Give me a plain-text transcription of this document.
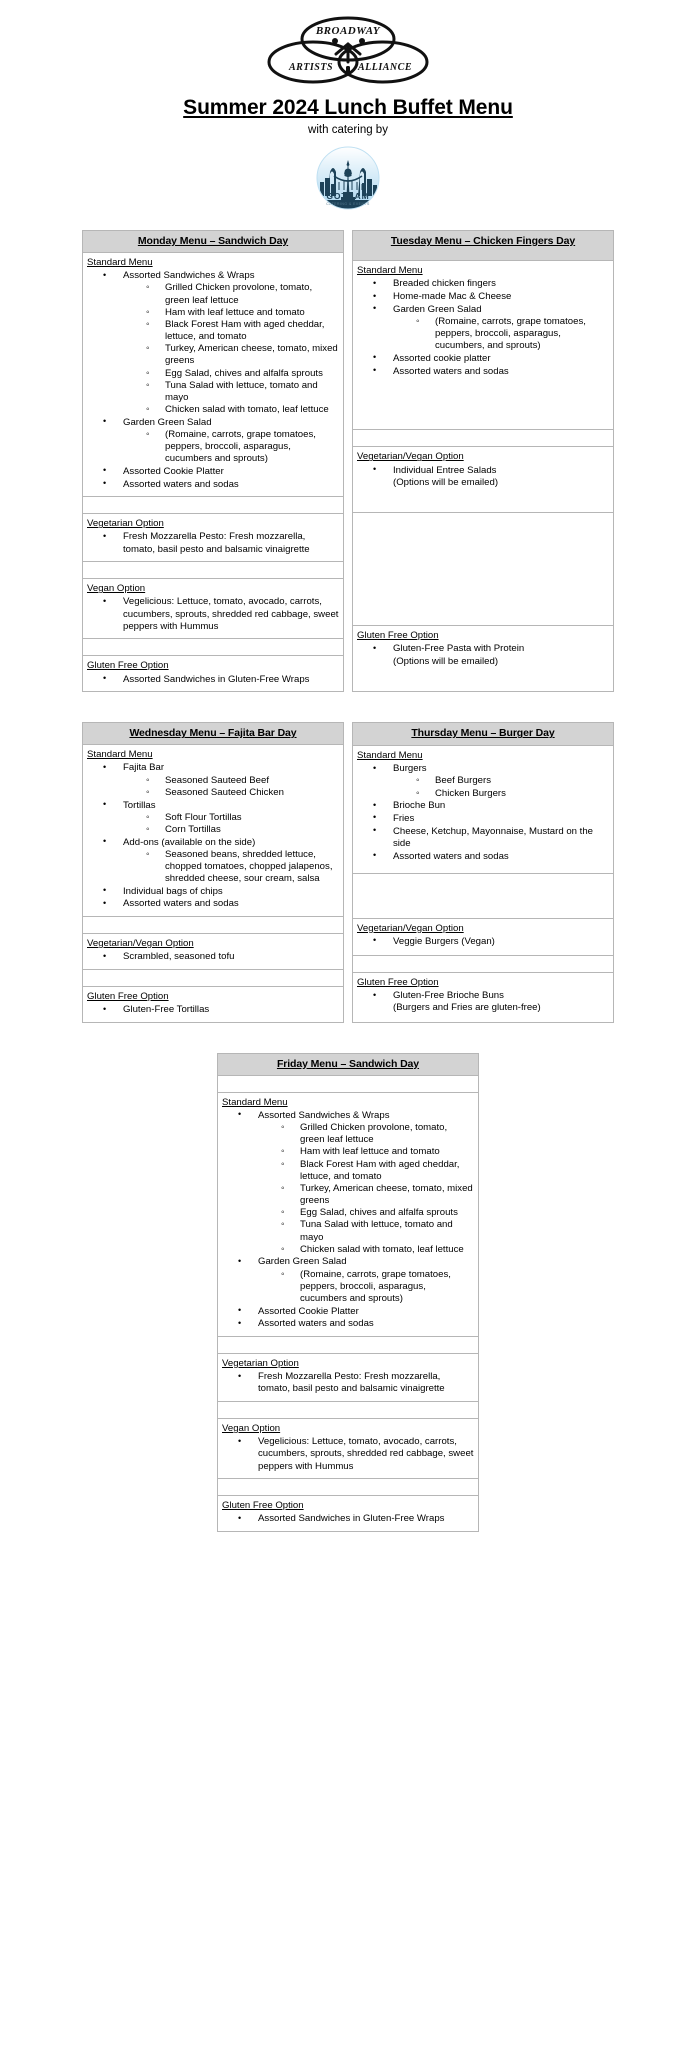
BROADWAY
ARTISTS ALLIANCE
Summer 2024 Lunch Buffet Menu
with catering by
GOTHAM
CATERING & EVENTS
Monday Menu – Sandwich Day

Standard Menu
• Assorted Sandwiches & Wraps
◦ Grilled Chicken provolone, tomato, green leaf lettuce
◦ Ham with leaf lettuce and tomato
◦ Black Forest Ham with aged cheddar, lettuce, and tomato
◦ Turkey, American cheese, tomato, mixed greens
◦ Egg Salad, chives and alfalfa sprouts
◦ Tuna Salad with lettuce, tomato and mayo
◦ Chicken salad with tomato, leaf lettuce
• Garden Green Salad
◦ (Romaine, carrots, grape tomatoes, peppers, broccoli, asparagus, cucumbers and sprouts)
• Assorted Cookie Platter
• Assorted waters and sodas

Vegetarian Option
• Fresh Mozzarella Pesto: Fresh mozzarella, tomato, basil pesto and balsamic vinaigrette

Vegan Option
• Vegelicious: Lettuce, tomato, avocado, carrots, cucumbers, sprouts, shredded red cabbage, sweet peppers with Hummus

Gluten Free Option
• Assorted Sandwiches in Gluten-Free Wraps
Tuesday Menu – Chicken Fingers Day

Standard Menu
• Breaded chicken fingers
• Home-made Mac & Cheese
• Garden Green Salad
◦ (Romaine, carrots, grape tomatoes, peppers, broccoli, asparagus, cucumbers, and sprouts)
• Assorted cookie platter
• Assorted waters and sodas

Vegetarian/Vegan Option
• Individual Entree Salads
(Options will be emailed)

Gluten Free Option
• Gluten-Free Pasta with Protein
(Options will be emailed)
Wednesday Menu – Fajita Bar Day

Standard Menu
• Fajita Bar
◦ Seasoned Sauteed Beef
◦ Seasoned Sauteed Chicken
• Tortillas
◦ Soft Flour Tortillas
◦ Corn Tortillas
• Add-ons (available on the side)
◦ Seasoned beans, shredded lettuce, chopped tomatoes, chopped jalapenos, shredded cheese, sour cream, salsa
• Individual bags of chips
• Assorted waters and sodas

Vegetarian/Vegan Option
• Scrambled, seasoned tofu

Gluten Free Option
• Gluten-Free Tortillas
Thursday Menu – Burger Day

Standard Menu
• Burgers
◦ Beef Burgers
◦ Chicken Burgers
• Brioche Bun
• Fries
• Cheese, Ketchup, Mayonnaise, Mustard on the side
• Assorted waters and sodas

Vegetarian/Vegan Option
• Veggie Burgers (Vegan)

Gluten Free Option
• Gluten-Free Brioche Buns
(Burgers and Fries are gluten-free)
Friday Menu – Sandwich Day

Standard Menu
• Assorted Sandwiches & Wraps
◦ Grilled Chicken provolone, tomato, green leaf lettuce
◦ Ham with leaf lettuce and tomato
◦ Black Forest Ham with aged cheddar, lettuce, and tomato
◦ Turkey, American cheese, tomato, mixed greens
◦ Egg Salad, chives and alfalfa sprouts
◦ Tuna Salad with lettuce, tomato and mayo
◦ Chicken salad with tomato, leaf lettuce
• Garden Green Salad
◦ (Romaine, carrots, grape tomatoes, peppers, broccoli, asparagus, cucumbers and sprouts)
• Assorted Cookie Platter
• Assorted waters and sodas

Vegetarian Option
• Fresh Mozzarella Pesto: Fresh mozzarella, tomato, basil pesto and balsamic vinaigrette

Vegan Option
• Vegelicious: Lettuce, tomato, avocado, carrots, cucumbers, sprouts, shredded red cabbage, sweet peppers with Hummus

Gluten Free Option
• Assorted Sandwiches in Gluten-Free Wraps
